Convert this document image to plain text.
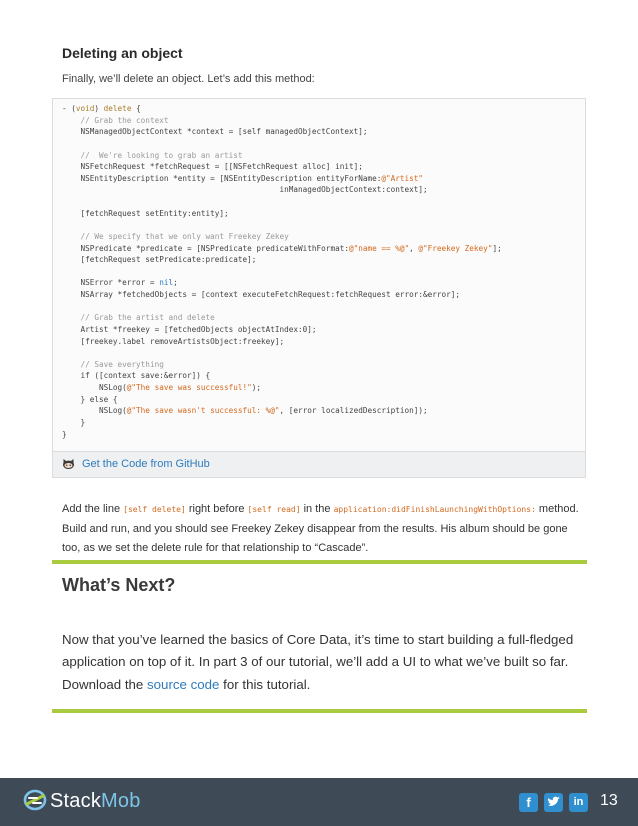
Deleting an object

Finally, we’ll delete an object. Let’s add this method:

- (void) delete {
// Grab the context
NSManagedObjectContext *context = [self managedObjectContext];

//  We're looking to grab an artist
NSFetchRequest *fetchRequest = [[NSFetchRequest alloc] init];
NSEntityDescription *entity = [NSEntityDescription entityForName:@"Artist"
inManagedObjectContext:context];

[fetchRequest setEntity:entity];

// We specify that we only want Freekey Zekey
NSPredicate *predicate = [NSPredicate predicateWithFormat:@"name == %@", @"Freekey Zekey"];
[fetchRequest setPredicate:predicate];

NSError *error = nil;
NSArray *fetchedObjects = [context executeFetchRequest:fetchRequest error:&error];

// Grab the artist and delete
Artist *freekey = [fetchedObjects objectAtIndex:0];
[freekey.label removeArtistsObject:freekey];

// Save everything
if ([context save:&error]) {
NSLog(@"The save was successful!");
} else {
NSLog(@"The save wasn't successful: %@", [error localizedDescription]);
}
}
Get the Code from GitHub

Add the line [self delete] right before [self read] in the application:didFinishLaunchingWithOptions: method. Build and run, and you should see Freekey Zekey disappear from the results. His album should be gone too, as we set the delete rule for that relationship to “Cascade”.

What’s Next?

Now that you’ve learned the basics of Core Data, it’s time to start building a full-fledged application on top of it. In part 3 of our tutorial, we’ll add a UI to what we’ve built so far.

Download the source code for this tutorial.

StackMob	f	in 13
